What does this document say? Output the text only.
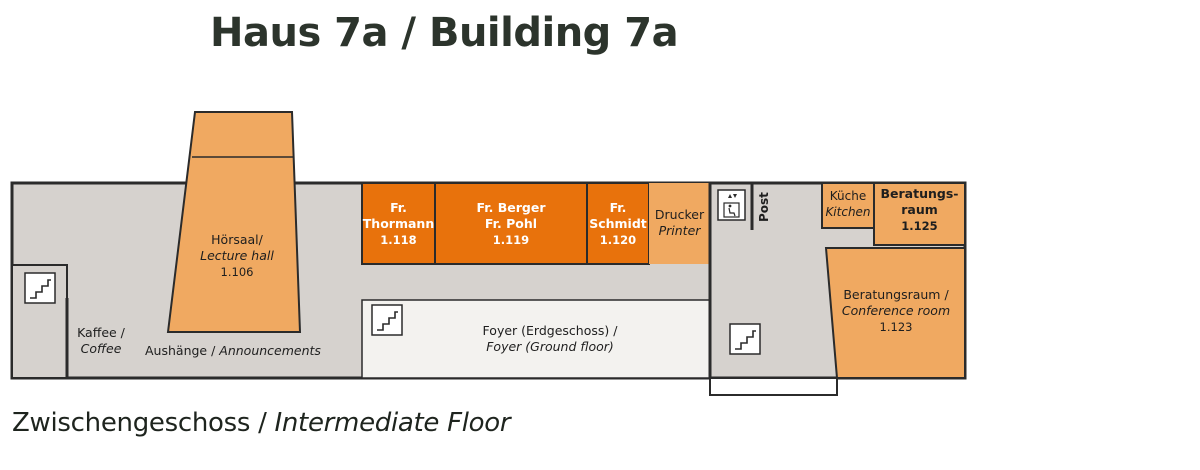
Haus 7a / Building 7a
Hörsaal/
Lecture hall
1.106
Fr.
Thormann
1.118
Fr. Berger
Fr. Pohl
1.119
Fr.
Schmidt
1.120
Drucker
Printer
Küche
Kitchen
Beratungs-
raum
1.125
Beratungsraum /
Conference room
1.123
Foyer (Erdgeschoss) /
Foyer (Ground floor)
Kaffee /
Coffee	Aushänge / Announcements
Post
Zwischengeschoss / Intermediate Floor
